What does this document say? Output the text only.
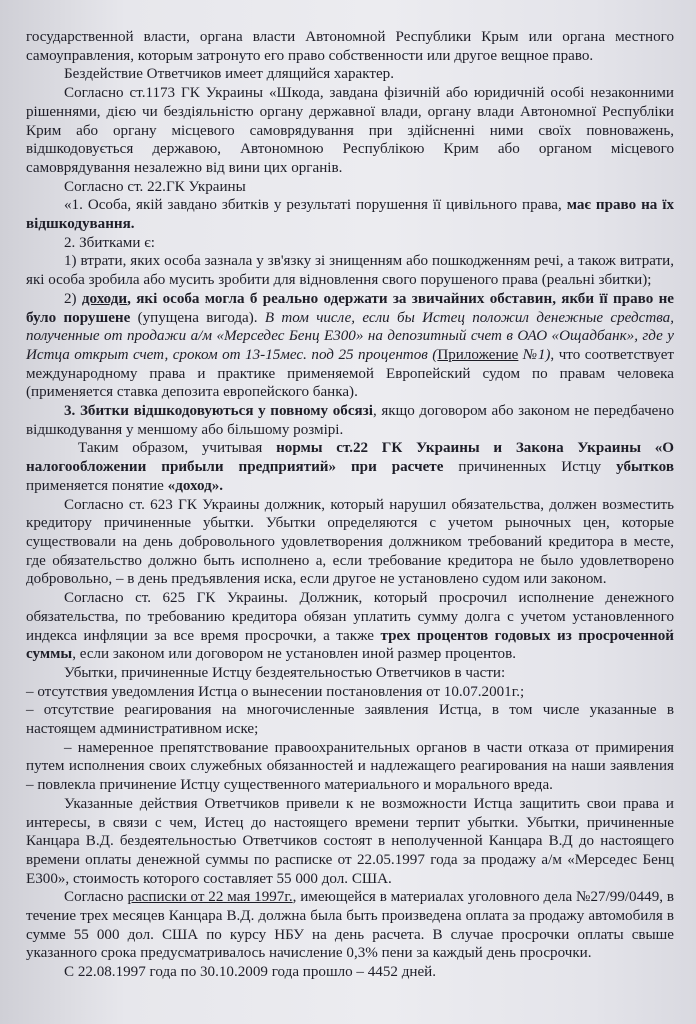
государственной власти, органа власти Автономной Республики Крым или органа местного самоуправления, которым затронуто его право собственности или другое вещное право.

Бездействие Ответчиков имеет длящийся характер.

Согласно ст.1173 ГК Украины «Шкода, завдана фізичній або юридичній особі незаконними рішеннями, дією чи бездіяльністю органу державної влади, органу влади Автономної Республіки Крим або органу місцевого самоврядування при здійсненні ними своїх повноважень, відшкодовується державою, Автономною Республікою Крим або органом місцевого самоврядування незалежно від вини цих органів.

Согласно ст. 22.ГК Украины

«1. Особа, якій завдано збитків у результаті порушення її цивільного права, має право на їх відшкодування.

2. Збитками є:

1) втрати, яких особа зазнала у зв'язку зі знищенням або пошкодженням речі, а також витрати, які особа зробила або мусить зробити для відновлення свого порушеного права (реальні збитки);

2) доходи, які особа могла б реально одержати за звичайних обставин, якби її право не було порушене (упущена вигода). В том числе, если бы Истец положил денежные средства, полученные от продажи а/м «Мерседес Бенц Е300» на депозитный счет в ОАО «Ощадбанк», где у Истца открыт счет, сроком от 13-15мес. под 25 процентов (Приложение №1), что соответствует международному права и практике применяемой Европейский судом по правам человека (применяется ставка депозита европейского банка).

3. Збитки відшкодовуються у повному обсязі, якщо договором або законом не передбачено відшкодування у меншому або більшому розмірі.

Таким образом, учитывая нормы ст.22 ГК Украины и Закона Украины «О налогообложении прибыли предприятий» при расчете причиненных Истцу убытков применяется понятие «доход».

Согласно ст. 623 ГК Украины должник, который нарушил обязательства, должен возместить кредитору причиненные убытки. Убытки определяются с учетом рыночных цен, которые существовали на день добровольного удовлетворения должником требований кредитора в месте, где обязательство должно быть исполнено а, если требование кредитора не было удовлетворено добровольно, – в день предъявления иска, если другое не установлено судом или законом.

Согласно ст. 625 ГК Украины. Должник, который просрочил исполнение денежного обязательства, по требованию кредитора обязан уплатить сумму долга с учетом установленного индекса инфляции за все время просрочки, а также трех процентов годовых из просроченной суммы, если законом или договором не установлен иной размер процентов.

Убытки, причиненные Истцу бездеятельностью Ответчиков в части:

– отсутствия уведомления Истца о вынесении постановления от 10.07.2001г.;

– отсутствие реагирования на многочисленные заявления Истца, в том числе указанные в настоящем административном иске;

– намеренное препятствование правоохранительных органов в части отказа от примирения путем исполнения своих служебных обязанностей и надлежащего реагирования на наши заявления – повлекла причинение Истцу существенного материального и морального вреда.

Указанные действия Ответчиков привели к не возможности Истца защитить свои права и интересы, в связи с чем, Истец до настоящего времени терпит убытки. Убытки, причиненные Канцара В.Д. бездеятельностью Ответчиков состоят в неполученной Канцара В.Д до настоящего времени оплаты денежной суммы по расписке от 22.05.1997 года за продажу а/м «Мерседес Бенц Е300», стоимость которого составляет 55 000 дол. США.

Согласно расписки от 22 мая 1997г., имеющейся в материалах уголовного дела №27/99/0449, в течение трех месяцев Канцара В.Д. должна была быть произведена оплата за продажу автомобиля в сумме 55 000 дол. США по курсу НБУ на день расчета. В случае просрочки оплаты свыше указанного срока предусматривалось начисление 0,3% пени за каждый день просрочки.

С 22.08.1997 года по 30.10.2009 года прошло – 4452 дней.
